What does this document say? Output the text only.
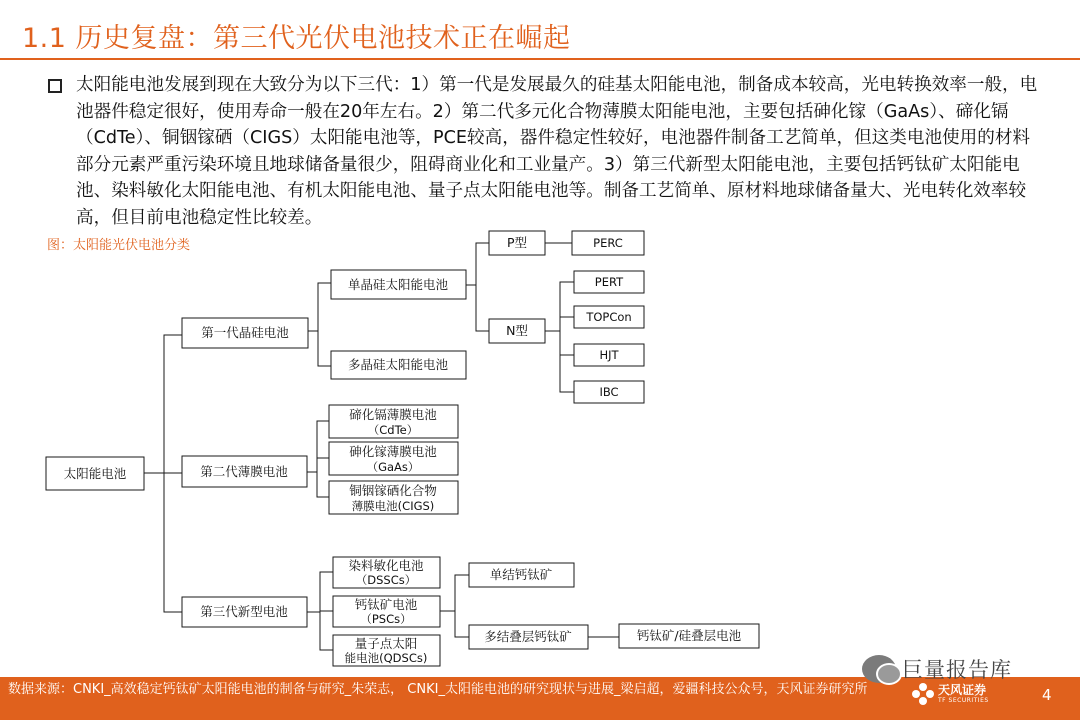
1.1 历史复盘：第三代光伏电池技术正在崛起
太阳能电池发展到现在大致分为以下三代：1）第一代是发展最久的硅基太阳能电池，制备成本较高，光电转换效率一般，电池器件稳定很好，使用寿命一般在20年左右。2）第二代多元化合物薄膜太阳能电池，主要包括砷化镓（GaAs）、碲化镉（CdTe）、铜铟镓硒（CIGS）太阳能电池等，PCE较高，器件稳定性较好，电池器件制备工艺简单，但这类电池使用的材料部分元素严重污染环境且地球储备量很少，阻碍商业化和工业量产。3）第三代新型太阳能电池，主要包括钙钛矿太阳能电池、染料敏化太阳能电池、有机太阳能电池、量子点太阳能电池等。制备工艺简单、原材料地球储备量大、光电转化效率较高，但目前电池稳定性比较差。
图：太阳能光伏电池分类
太阳能电池
第一代晶硅电池
第二代薄膜电池
第三代新型电池
单晶硅太阳能电池
多晶硅太阳能电池
P型
N型
PERC
PERT
TOPCon
HJT
IBC
碲化镉薄膜电池
（CdTe）
砷化镓薄膜电池
（GaAs）
铜铟镓硒化合物
薄膜电池(CIGS)
染料敏化电池
（DSSCs）
钙钛矿电池
（PSCs）
量子点太阳
能电池(QDSCs)
单结钙钛矿
多结叠层钙钛矿	钙钛矿/硅叠层电池
数据来源：CNKI_高效稳定钙钛矿太阳能电池的制备与研究_朱荣志， CNKI_太阳能电池的研究现状与进展_梁启超，爱疆科技公众号，天风证券研究所
巨量报告库
天风证券
TF SECURITIES	4
